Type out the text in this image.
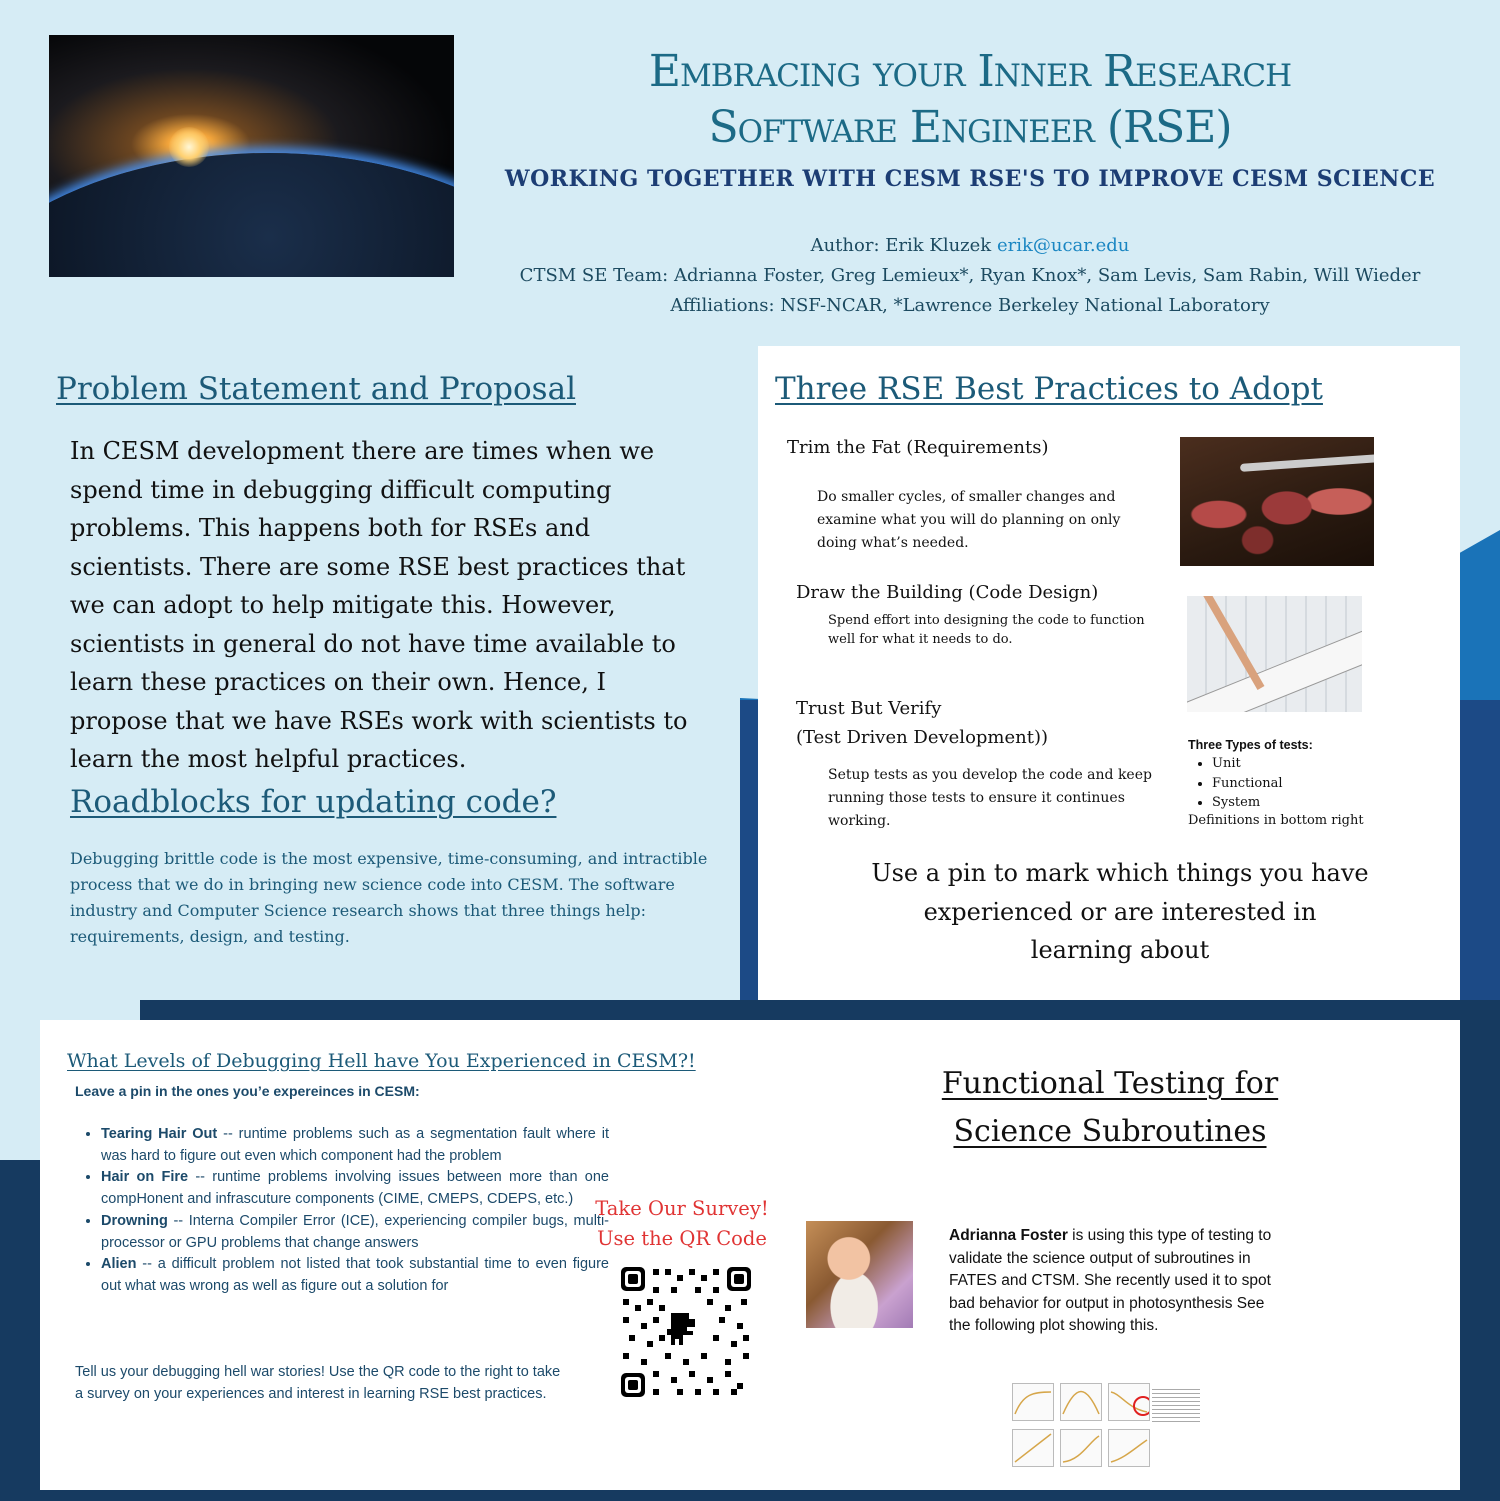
Embracing your Inner Research
Software Engineer (RSE)
WORKING TOGETHER WITH CESM RSE'S TO IMPROVE CESM SCIENCE
Author: Erik Kluzek erik@ucar.edu
CTSM SE Team: Adrianna Foster, Greg Lemieux*, Ryan Knox*, Sam Levis, Sam Rabin, Will Wieder
Affiliations: NSF-NCAR, *Lawrence Berkeley National Laboratory
Problem Statement and Proposal
In CESM development there are times when we spend time in debugging difficult computing problems. This happens both for RSEs and scientists. There are some RSE best practices that we can adopt to help mitigate this. However, scientists in general do not have time available to learn these practices on their own. Hence, I propose that we have RSEs work with scientists to learn the most helpful practices.
Roadblocks for updating code?
Debugging brittle code is the most expensive, time-consuming, and intractible process that we do in bringing new science code into CESM. The software industry and Computer Science research shows that three things help: requirements, design, and testing.
Three RSE Best Practices to Adopt
Trim the Fat (Requirements)
Do smaller cycles, of smaller changes and examine what you will do planning on only doing what’s needed.
Draw the Building (Code Design)
Spend effort into designing the code to function well for what it needs to do.
Trust But Verify
(Test Driven Development))
Setup tests as you develop the code and keep running those tests to ensure it continues working.
Three Types of tests:
• Unit
• Functional
• System
Definitions in bottom right
Use a pin to mark which things you have experienced or are interested in learning about
What Levels of Debugging Hell have You Experienced in CESM?!
Leave a pin in the ones you’e expereinces in CESM:
• Tearing Hair Out -- runtime problems such as a segmentation fault where it was hard to figure out even which component had the problem
• Hair on Fire -- runtime problems involving issues between more than one compHonent and infrascuture components (CIME, CMEPS, CDEPS, etc.)
• Drowning -- Interna Compiler Error (ICE), experiencing compiler bugs, multi-processor or GPU problems that change answers
• Alien -- a difficult problem not listed that took substantial time to even figure out what was wrong as well as figure out a solution for
Tell us your debugging hell war stories! Use the QR code to the right to take a survey on your experiences and interest in learning RSE best practices.
Take Our Survey!
Use the QR Code
Functional Testing for
Science Subroutines
Adrianna Foster is using this type of testing to validate the science output of subroutines in FATES and CTSM. She recently used it to spot bad behavior for output in photosynthesis See the following plot showing this.
